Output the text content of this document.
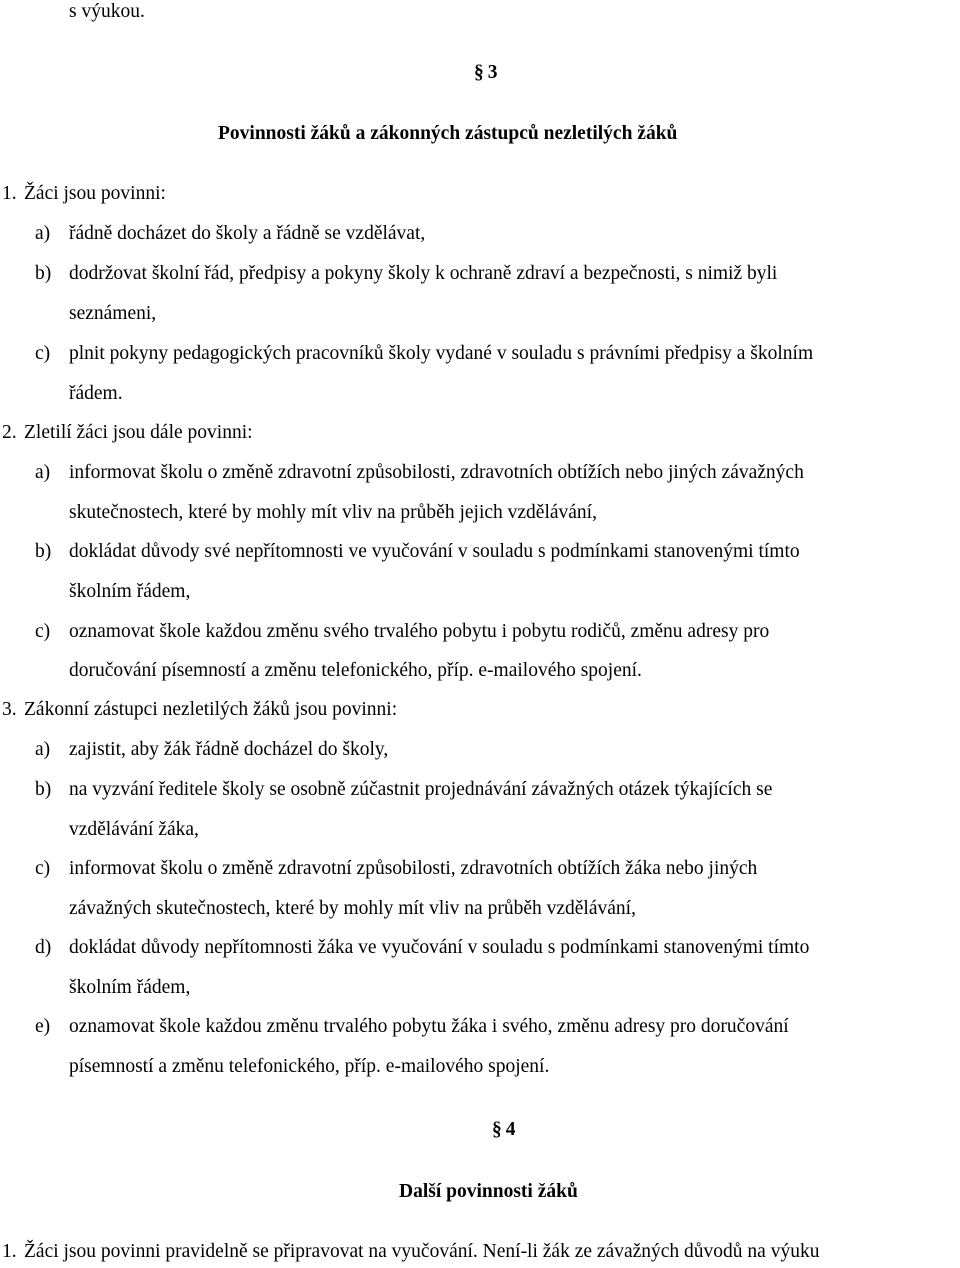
s výukou.
§ 3
Povinnosti žáků a zákonných zástupců nezletilých žáků
1. Žáci jsou povinni:
a) řádně docházet do školy a řádně se vzdělávat,
b) dodržovat školní řád, předpisy a pokyny školy k ochraně zdraví a bezpečnosti, s nimiž byli
seznámeni,
c) plnit pokyny pedagogických pracovníků školy vydané v souladu s právními předpisy a školním
řádem.
2. Zletilí žáci jsou dále povinni:
a) informovat školu o změně zdravotní způsobilosti, zdravotních obtížích nebo jiných závažných
skutečnostech, které by mohly mít vliv na průběh jejich vzdělávání,
b) dokládat důvody své nepřítomnosti ve vyučování v souladu s podmínkami stanovenými tímto
školním řádem,
c) oznamovat škole každou změnu svého trvalého pobytu i pobytu rodičů, změnu adresy pro
doručování písemností a změnu telefonického, příp. e-mailového spojení.
3. Zákonní zástupci nezletilých žáků jsou povinni:
a) zajistit, aby žák řádně docházel do školy,
b) na vyzvání ředitele školy se osobně zúčastnit projednávání závažných otázek týkajících se
vzdělávání žáka,
c) informovat školu o změně zdravotní způsobilosti, zdravotních obtížích žáka nebo jiných
závažných skutečnostech, které by mohly mít vliv na průběh vzdělávání,
d) dokládat důvody nepřítomnosti žáka ve vyučování v souladu s podmínkami stanovenými tímto
školním řádem,
e) oznamovat škole každou změnu trvalého pobytu žáka i svého, změnu adresy pro doručování
písemností a změnu telefonického, příp. e-mailového spojení.
§ 4
Další povinnosti žáků
1. Žáci jsou povinni pravidelně se připravovat na vyučování. Není-li žák ze závažných důvodů na výuku
